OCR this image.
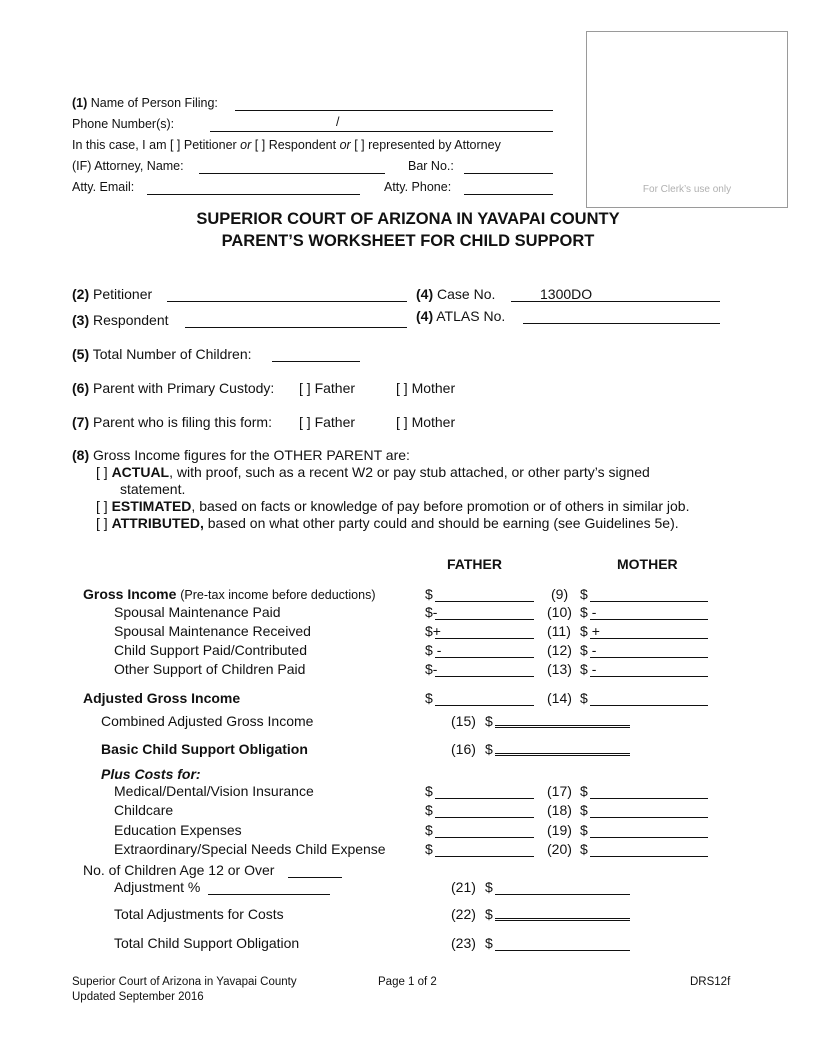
For Clerk’s use only
(1) Name of Person Filing:
Phone Number(s):	/
In this case, I am [ ] Petitioner or [ ] Respondent or [ ] represented by Attorney
(IF) Attorney, Name:	Bar No.:
Atty. Email:	Atty. Phone:
SUPERIOR COURT OF ARIZONA IN YAVAPAI COUNTY
PARENT’S WORKSHEET FOR CHILD SUPPORT
(2) Petitioner
(3) Respondent
(4) Case No.	1300DO
(4) ATLAS No.
(5) Total Number of Children:
(6) Parent with Primary Custody: [ ] Father	[ ] Mother
(7) Parent who is filing this form: [ ] Father	[ ] Mother
(8) Gross Income figures for the OTHER PARENT are:
[ ] ACTUAL, with proof, such as a recent W2 or pay stub attached, or other party’s signed
statement.
[ ] ESTIMATED, based on facts or knowledge of pay before promotion or of others in similar job.
[ ] ATTRIBUTED, based on what other party could and should be earning (see Guidelines 5e).
FATHER	MOTHER
Gross Income (Pre-tax income before deductions)	$	(9) $
Spousal Maintenance Paid	$-	(10) $ -
Spousal Maintenance Received	$+	(11) $ +
Child Support Paid/Contributed	$ -	(12) $ -
Other Support of Children Paid	$-	(13) $ -
Adjusted Gross Income	$	(14) $
Combined Adjusted Gross Income	(15) $
Basic Child Support Obligation	(16) $
Plus Costs for:
Medical/Dental/Vision Insurance	$	(17) $
Childcare	$	(18) $
Education Expenses	$	(19) $
Extraordinary/Special Needs Child Expense	$	(20) $
No. of Children Age 12 or Over
Adjustment %	(21) $
Total Adjustments for Costs	(22) $
Total Child Support Obligation	(23) $
Superior Court of Arizona in Yavapai County
Updated September 2016
Page 1 of 2	DRS12f
